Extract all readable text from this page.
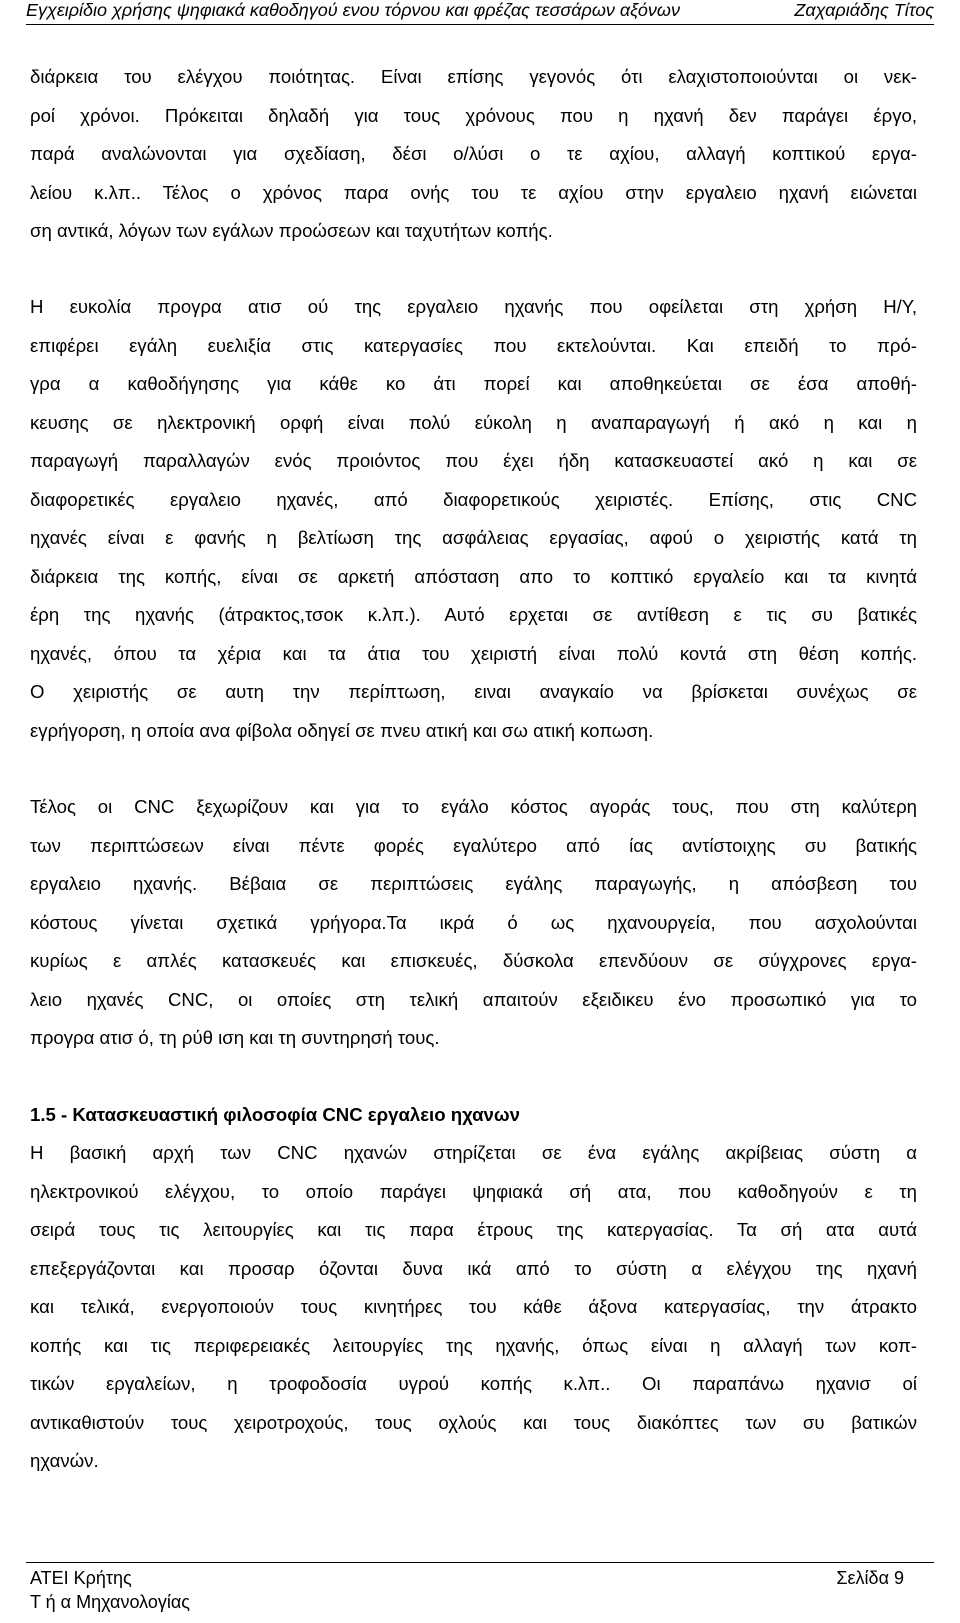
Εγχειρίδιο χρήσης ψηφιακά καθοδηγού ενου τόρνου και φρέζας τεσσάρων αξόνων	Ζαχαριάδης Τίτος
διάρκεια του ελέγχου ποιότητας. Είναι επίσης γεγονός ότι ελαχιστοποιούνται οι νεκ-
ροί χρόνοι. Πρόκειται δηλαδή για τους χρόνους που η ηχανή δεν παράγει έργο,
παρά αναλώνονται για σχεδίαση, δέσι ο/λύσι ο τε αχίου, αλλαγή κοπτικού εργα-
λείου κ.λπ.. Τέλος ο χρόνος παρα ονής του τε αχίου στην εργαλειο ηχανή ειώνεται
ση αντικά, λόγων των εγάλων προώσεων και ταχυτήτων κοπής.
Η ευκολία προγρα ατισ ού της εργαλειο ηχανής που οφείλεται στη χρήση Η/Υ,
επιφέρει εγάλη ευελιξία στις κατεργασίες που εκτελούνται. Και επειδή το πρό-
γρα α καθοδήγησης για κάθε κο άτι πορεί και αποθηκεύεται σε έσα αποθή-
κευσης σε ηλεκτρονική ορφή είναι πολύ εύκολη η αναπαραγωγή ή ακό η και η
παραγωγή παραλλαγών ενός προιόντος που έχει ήδη κατασκευαστεί ακό η και σε
διαφορετικές εργαλειο ηχανές, από διαφορετικούς χειριστές. Επίσης, στις CNC
ηχανές είναι ε φανής η βελτίωση της ασφάλειας εργασίας, αφού ο χειριστής κατά τη
διάρκεια της κοπής, είναι σε αρκετή απόσταση απο το κοπτικό εργαλείο και τα κινητά
έρη της ηχανής (άτρακτος,τσοκ κ.λπ.). Αυτό ερχεται σε αντίθεση ε τις συ βατικές
ηχανές, όπου τα χέρια και τα άτια του χειριστή είναι πολύ κοντά στη θέση κοπής.
Ο χειριστής σε αυτη την περίπτωση, ειναι αναγκαίο να βρίσκεται συνέχως σε
εγρήγορση, η οποία ανα φίβολα οδηγεί σε πνευ ατική και σω ατική κοπωση.
Τέλος οι CNC ξεχωρίζουν και για το εγάλο κόστος αγοράς τους, που στη καλύτερη
των περιπτώσεων είναι πέντε φορές εγαλύτερο από ίας αντίστοιχης συ βατικής
εργαλειο ηχανής. Βέβαια σε περιπτώσεις εγάλης παραγωγής, η απόσβεση του
κόστους γίνεται σχετικά γρήγορα.Τα ικρά ό ως ηχανουργεία, που ασχολούνται
κυρίως ε απλές κατασκευές και επισκευές, δύσκολα επενδύουν σε σύγχρονες εργα-
λειο ηχανές CNC, οι οποίες στη τελική απαιτούν εξειδικευ ένο προσωπικό για το
προγρα ατισ ό, τη ρύθ ιση και τη συντηρησή τους.
1.5 - Κατασκευαστική φιλοσοφία CNC εργαλειο ηχανων
Η βασική αρχή των CNC ηχανών στηρίζεται σε ένα εγάλης ακρίβειας σύστη α
ηλεκτρονικού ελέγχου, το οποίο παράγει ψηφιακά σή ατα, που καθοδηγούν ε τη
σειρά τους τις λειτουργίες και τις παρα έτρους της κατεργασίας. Τα σή ατα αυτά
επεξεργάζονται και προσαρ όζονται δυνα ικά από το σύστη α ελέγχου της ηχανή
και τελικά, ενεργοποιούν τους κινητήρες του κάθε άξονα κατεργασίας, την άτρακτο
κοπής και τις περιφερειακές λειτουργίες της ηχανής, όπως είναι η αλλαγή των κοπ-
τικών εργαλείων, η τροφοδοσία υγρού κοπής κ.λπ.. Οι παραπάνω ηχανισ οί
αντικαθιστούν τους χειροτροχούς, τους οχλούς και τους διακόπτες των συ βατικών
ηχανών.
ΑΤΕΙ Κρήτης
Τ ή α Μηχανολογίας
Σελίδα 9
